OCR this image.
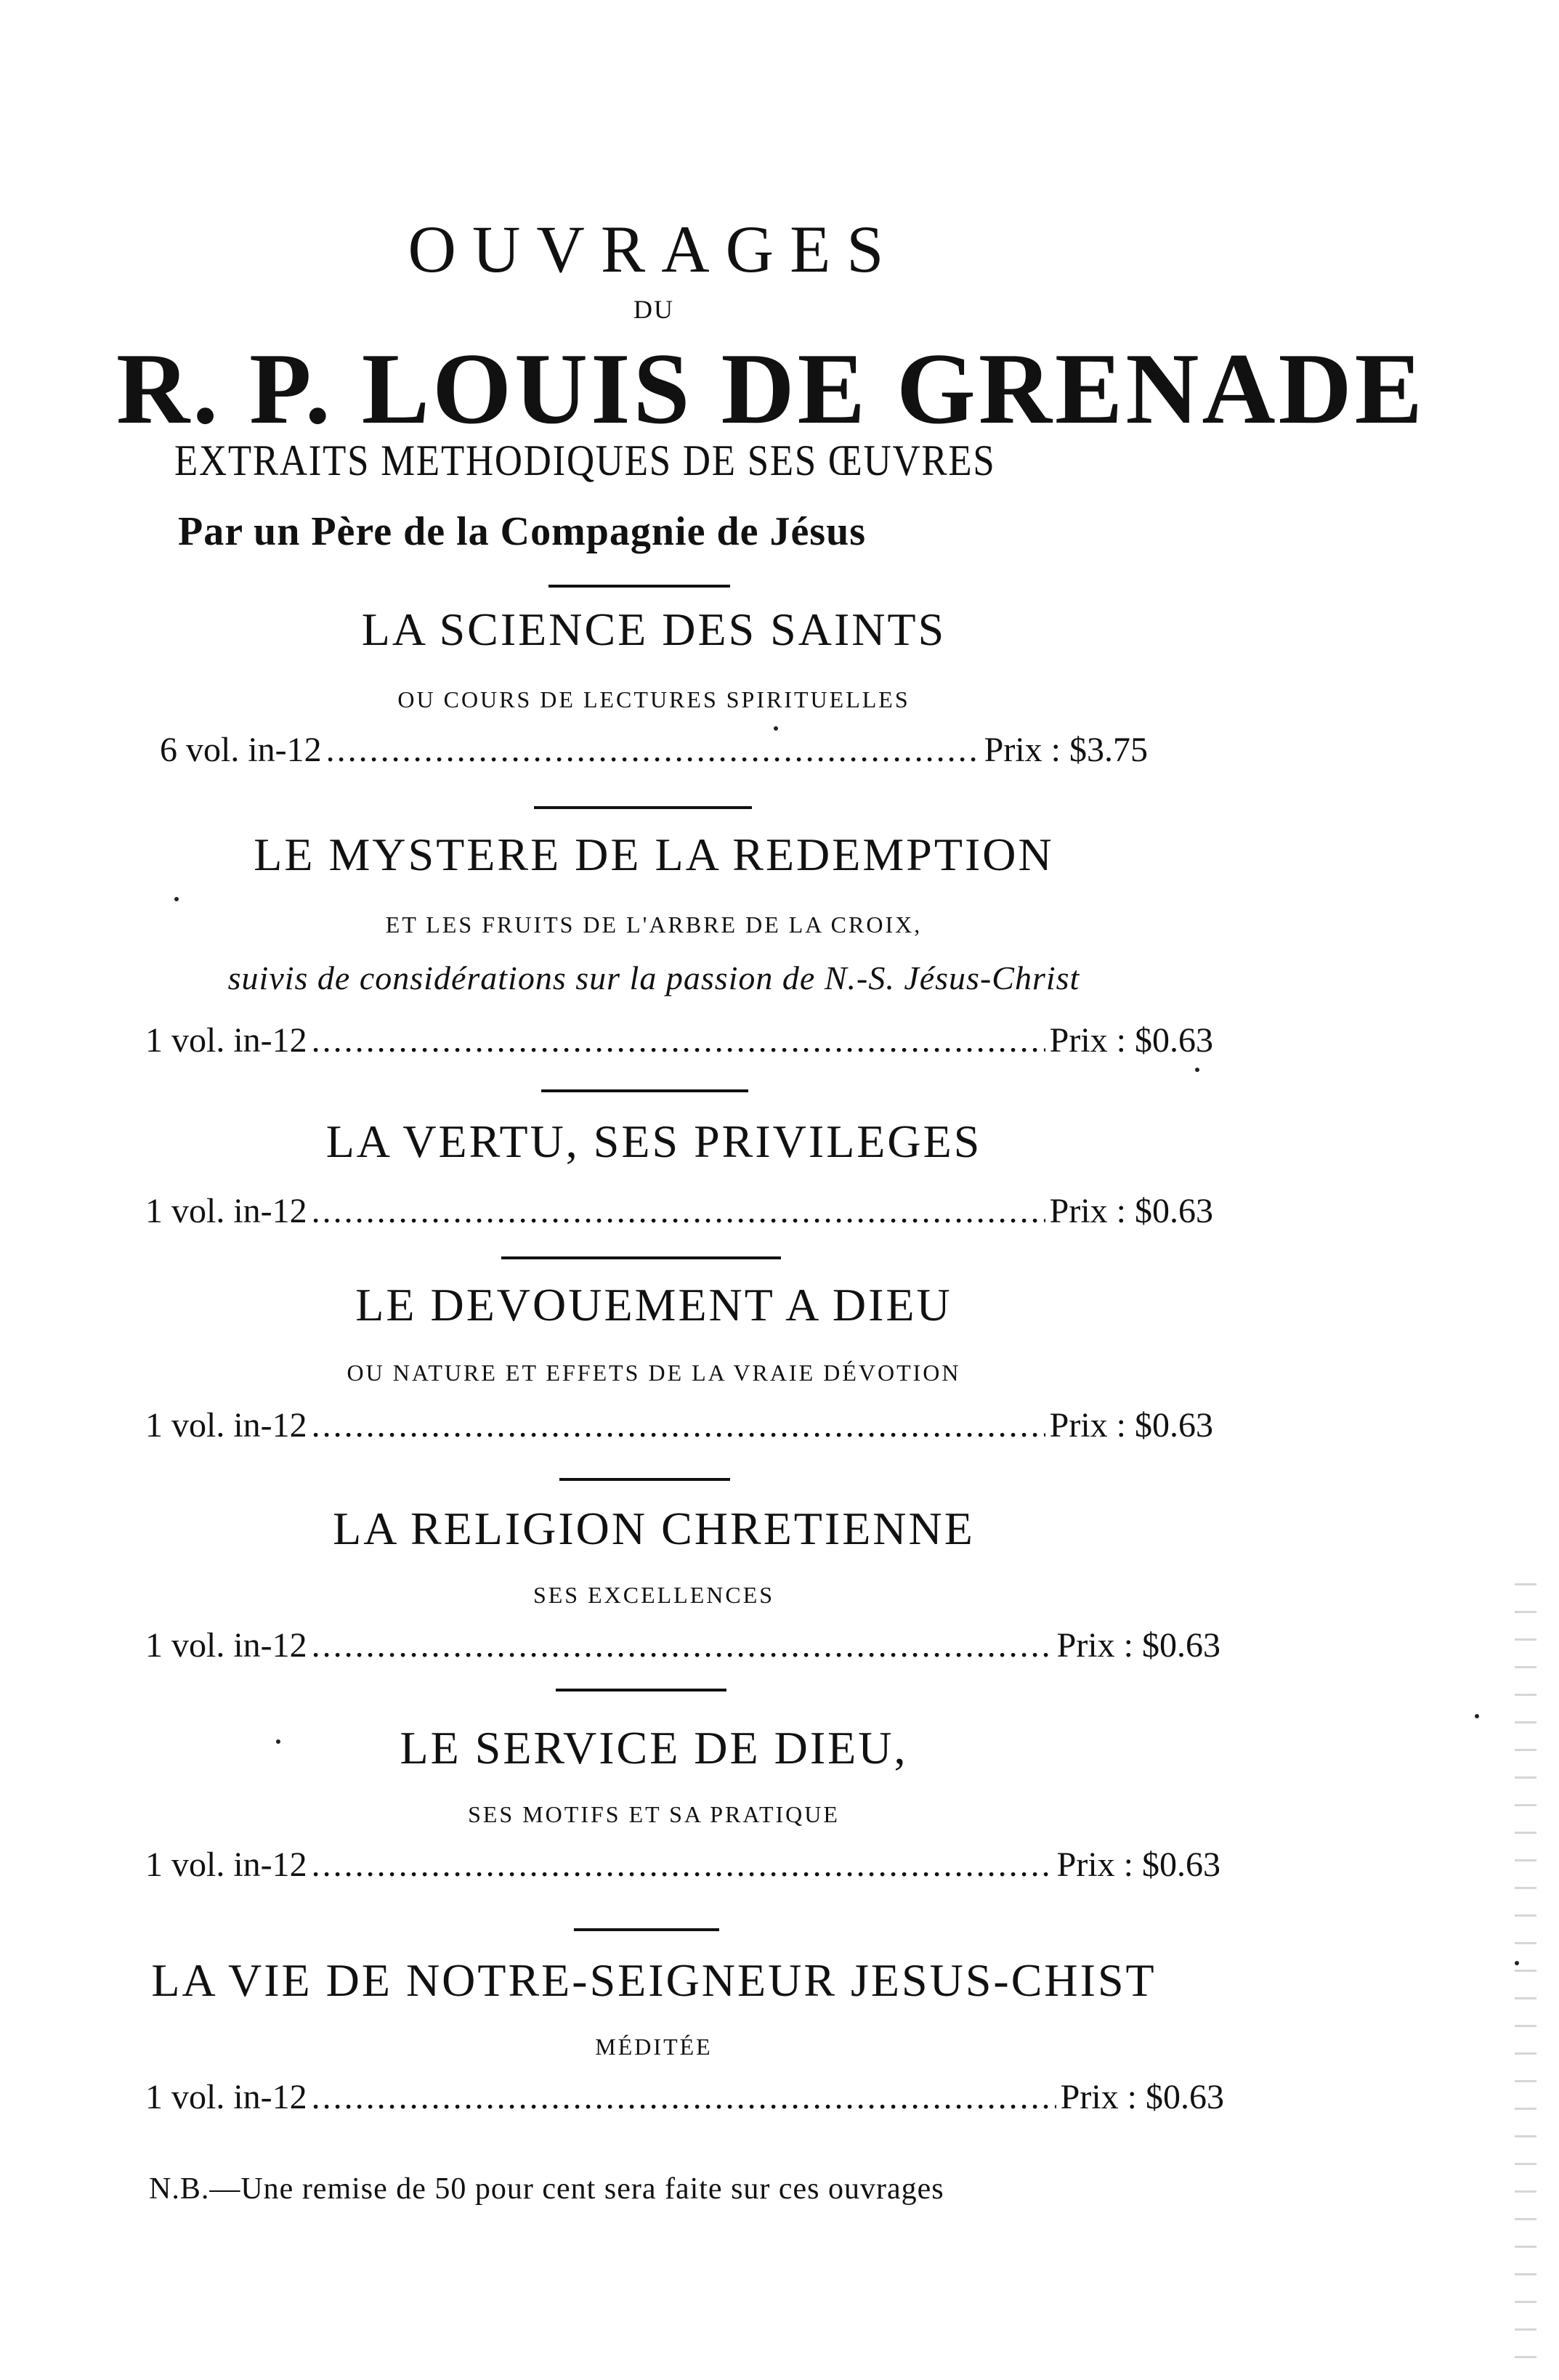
OUVRAGES
DU
R. P. LOUIS DE GRENADE
EXTRAITS METHODIQUES DE SES ŒUVRES
Par un Père de la Compagnie de Jésus
LA SCIENCE DES SAINTS
OU COURS DE LECTURES SPIRITUELLES
6 vol. in-12 .....	Prix : $3.75
LE MYSTERE DE LA REDEMPTION
ET LES FRUITS DE L'ARBRE DE LA CROIX,
suivis de considérations sur la passion de N.-S. Jésus-Christ
1 vol. in-12 .....	Prix : $0.63
LA VERTU, SES PRIVILEGES
1 vol. in-12 .....	Prix : $0.63
LE DEVOUEMENT A DIEU
OU NATURE ET EFFETS DE LA VRAIE DÉVOTION
1 vol. in-12 .....	Prix : $0.63
LA RELIGION CHRETIENNE
SES EXCELLENCES
1 vol. in-12 .....	Prix : $0.63
LE SERVICE DE DIEU,
SES MOTIFS ET SA PRATIQUE
1 vol. in-12 .....	Prix : $0.63
LA VIE DE NOTRE-SEIGNEUR JESUS-CHIST
MÉDITÉE
1 vol. in-12 .....	Prix : $0.63
N.B.—Une remise de 50 pour cent sera faite sur ces ouvrages
